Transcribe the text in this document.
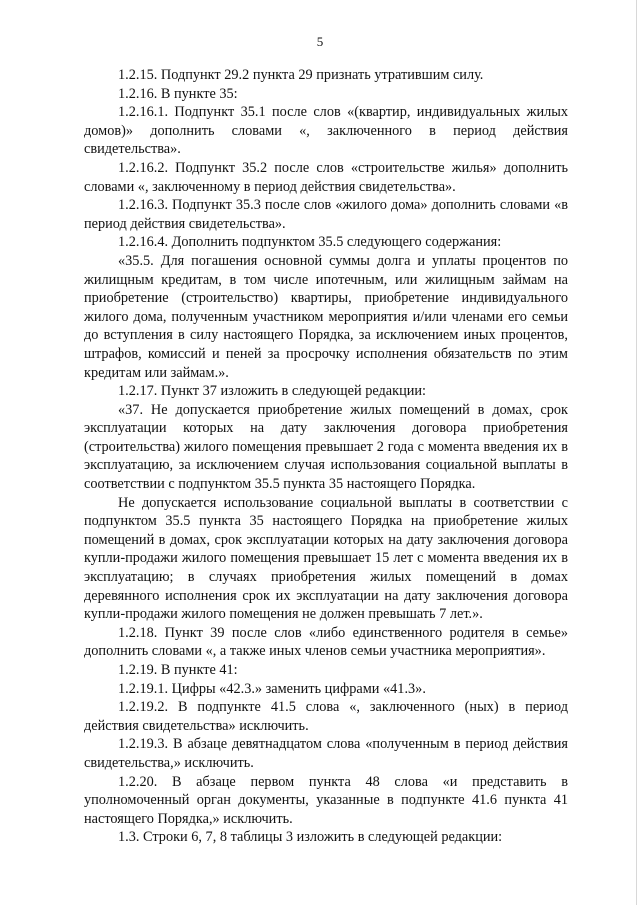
5

1.2.15. Подпункт 29.2 пункта 29 признать утратившим силу.

1.2.16. В пункте 35:

1.2.16.1. Подпункт 35.1 после слов «(квартир, индивидуальных жилых домов)» дополнить словами «, заключенного в период действия свидетельства».

1.2.16.2. Подпункт 35.2 после слов «строительстве жилья» дополнить словами «, заключенному в период действия свидетельства».

1.2.16.3. Подпункт 35.3 после слов «жилого дома» дополнить словами «в период действия свидетельства».

1.2.16.4. Дополнить подпунктом 35.5 следующего содержания:

«35.5. Для погашения основной суммы долга и уплаты процентов по жилищным кредитам, в том числе ипотечным, или жилищным займам на приобретение (строительство) квартиры, приобретение индивидуального жилого дома, полученным участником мероприятия и/или членами его семьи до вступления в силу настоящего Порядка, за исключением иных процентов, штрафов, комиссий и пеней за просрочку исполнения обязательств по этим кредитам или займам.».

1.2.17. Пункт 37 изложить в следующей редакции:

«37. Не допускается приобретение жилых помещений в домах, срок эксплуатации которых на дату заключения договора приобретения (строительства) жилого помещения превышает 2 года с момента введения их в эксплуатацию, за исключением случая использования социальной выплаты в соответствии с подпунктом 35.5 пункта 35 настоящего Порядка.

Не допускается использование социальной выплаты в соответствии с подпунктом 35.5 пункта 35 настоящего Порядка на приобретение жилых помещений в домах, срок эксплуатации которых на дату заключения договора купли-продажи жилого помещения превышает 15 лет с момента введения их в эксплуатацию; в случаях приобретения жилых помещений в домах деревянного исполнения срок их эксплуатации на дату заключения договора купли-продажи жилого помещения не должен превышать 7 лет.».

1.2.18. Пункт 39 после слов «либо единственного родителя в семье» дополнить словами «, а также иных членов семьи участника мероприятия».

1.2.19. В пункте 41:

1.2.19.1. Цифры «42.3.» заменить цифрами «41.3».

1.2.19.2. В подпункте 41.5 слова «, заключенного (ных) в период действия свидетельства» исключить.

1.2.19.3. В абзаце девятнадцатом слова «полученным в период действия свидетельства,» исключить.

1.2.20. В абзаце первом пункта 48 слова «и представить в уполномоченный орган документы, указанные в подпункте 41.6 пункта 41 настоящего Порядка,» исключить.

1.3. Строки 6, 7, 8 таблицы 3 изложить в следующей редакции:
